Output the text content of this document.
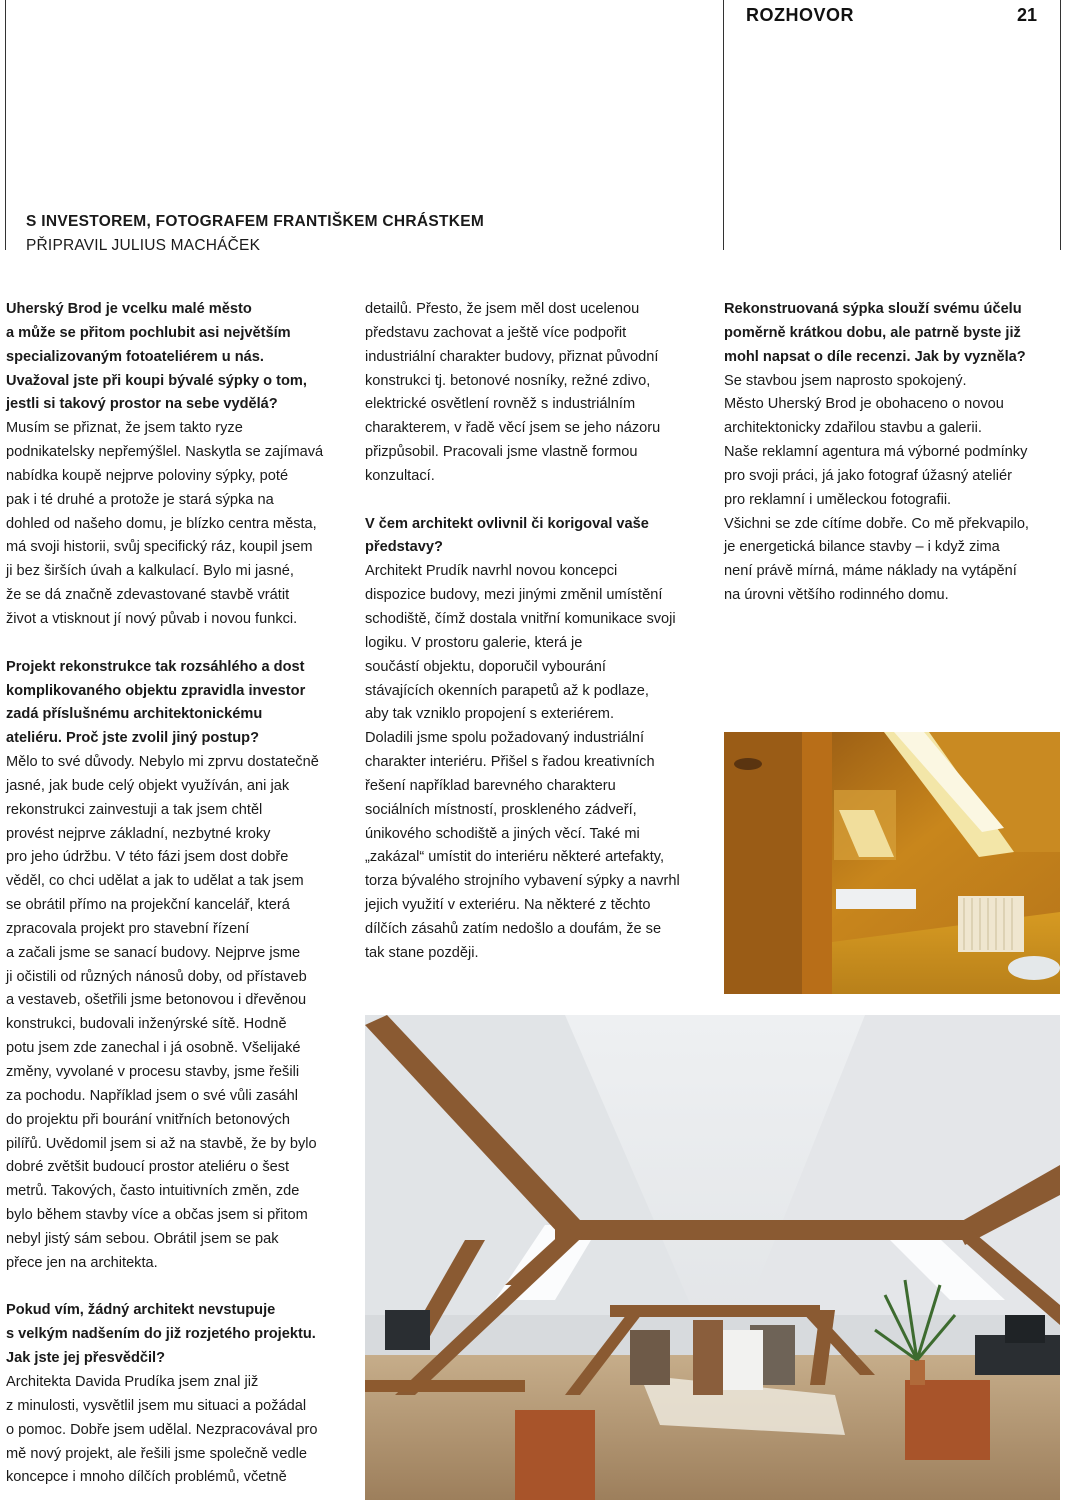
ROZHOVOR	21
S INVESTOREM, FOTOGRAFEM FRANTIŠKEM CHRÁSTKEM
PŘIPRAVIL JULIUS MACHÁČEK
Uherský Brod je vcelku malé město
a může se přitom pochlubit asi největším
specializovaným fotoateliérem u nás.
Uvažoval jste při koupi bývalé sýpky o tom,
jestli si takový prostor na sebe vydělá?
Musím se přiznat, že jsem takto ryze
podnikatelsky nepřemýšlel. Naskytla se zajímavá
nabídka koupě nejprve poloviny sýpky, poté
pak i té druhé a protože je stará sýpka na
dohled od našeho domu, je blízko centra města,
má svoji historii, svůj specifický ráz, koupil jsem
ji bez širších úvah a kalkulací. Bylo mi jasné,
že se dá značně zdevastované stavbě vrátit
život a vtisknout jí nový půvab i novou funkci.
Projekt rekonstrukce tak rozsáhlého a dost
komplikovaného objektu zpravidla investor
zadá příslušnému architektonickému
ateliéru. Proč jste zvolil jiný postup?
Mělo to své důvody. Nebylo mi zprvu dostatečně
jasné, jak bude celý objekt využíván, ani jak
rekonstrukci zainvestuji a tak jsem chtěl
provést nejprve základní, nezbytné kroky
pro jeho údržbu. V této fázi jsem dost dobře
věděl, co chci udělat a jak to udělat a tak jsem
se obrátil přímo na projekční kancelář, která
zpracovala projekt pro stavební řízení
a začali jsme se sanací budovy. Nejprve jsme
ji očistili od různých nánosů doby, od přístaveb
a vestaveb, ošetřili jsme betonovou i dřevěnou
konstrukci, budovali inženýrské sítě. Hodně
potu jsem zde zanechal i já osobně. Všelijaké
změny, vyvolané v procesu stavby, jsme řešili
za pochodu. Například jsem o své vůli zasáhl
do projektu při bourání vnitřních betonových
pilířů. Uvědomil jsem si až na stavbě, že by bylo
dobré zvětšit budoucí prostor ateliéru o šest
metrů. Takových, často intuitivních změn, zde
bylo během stavby více a občas jsem si přitom
nebyl jistý sám sebou. Obrátil jsem se pak
přece jen na architekta.
Pokud vím, žádný architekt nevstupuje
s velkým nadšením do již rozjetého projektu.
Jak jste jej přesvědčil?
Architekta Davida Prudíka jsem znal již
z minulosti, vysvětlil jsem mu situaci a požádal
o pomoc. Dobře jsem udělal. Nezpracovával pro
mě nový projekt, ale řešili jsme společně vedle
koncepce i mnoho dílčích problémů, včetně
detailů. Přesto, že jsem měl dost ucelenou
představu zachovat a ještě více podpořit
industriální charakter budovy, přiznat původní
konstrukci tj. betonové nosníky, režné zdivo,
elektrické osvětlení rovněž s industriálním
charakterem, v řadě věcí jsem se jeho názoru
přizpůsobil. Pracovali jsme vlastně formou
konzultací.
V čem architekt ovlivnil či korigoval vaše
představy?
Architekt Prudík navrhl novou koncepci
dispozice budovy, mezi jinými změnil umístění
schodiště, čímž dostala vnitřní komunikace svoji
logiku. V prostoru galerie, která je
součástí objektu, doporučil vybourání
stávajících okenních parapetů až k podlaze,
aby tak vzniklo propojení s exteriérem.
Doladili jsme spolu požadovaný industriální
charakter interiéru. Přišel s řadou kreativních
řešení například barevného charakteru
sociálních místností, proskleného zádveří,
únikového schodiště a jiných věcí. Také mi
„zakázal“ umístit do interiéru některé artefakty,
torza bývalého strojního vybavení sýpky a navrhl
jejich využití v exteriéru. Na některé z těchto
dílčích zásahů zatím nedošlo a doufám, že se
tak stane později.
Rekonstruovaná sýpka slouží svému účelu
poměrně krátkou dobu, ale patrně byste již
mohl napsat o díle recenzi. Jak by vyzněla?
Se stavbou jsem naprosto spokojený.
Město Uherský Brod je obohaceno o novou
architektonicky zdařilou stavbu a galerii.
Naše reklamní agentura má výborné podmínky
pro svoji práci, já jako fotograf úžasný ateliér
pro reklamní i uměleckou fotografii.
Všichni se zde cítíme dobře. Co mě překvapilo,
je energetická bilance stavby – i když zima
není právě mírná, máme náklady na vytápění
na úrovni většího rodinného domu.
